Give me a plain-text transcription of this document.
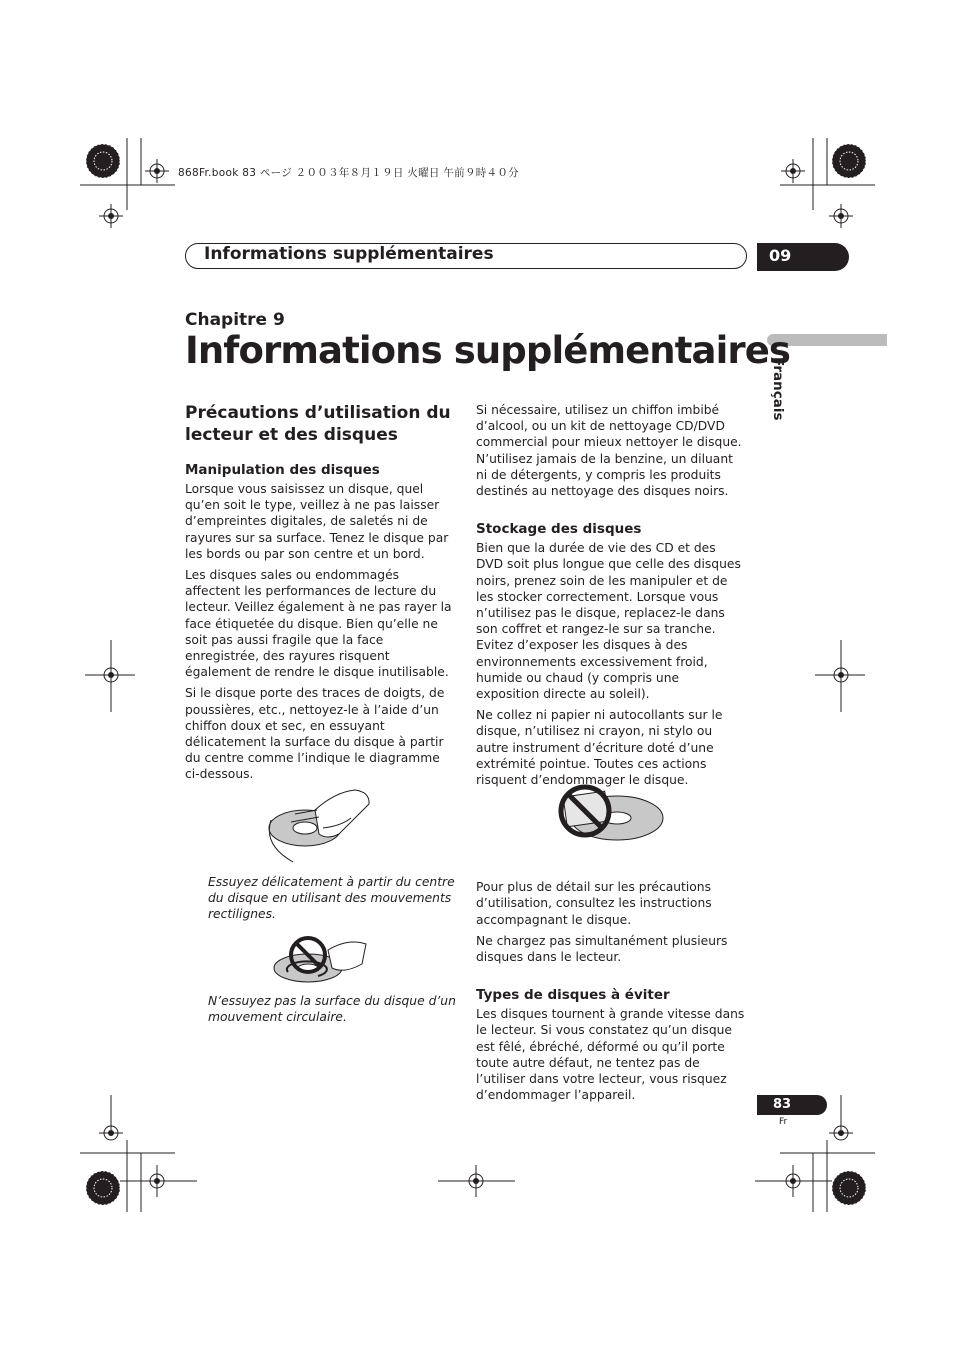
868Fr.book 83 ページ ２００３年８月１９日 火曜日 午前９時４０分
Informations supplémentaires	09
Français
Chapitre 9
Informations supplémentaires
Précautions d’utilisation du lecteur et des disques
Manipulation des disques

Lorsque vous saisissez un disque, quel qu’en soit le type, veillez à ne pas laisser d’empreintes digitales, de saletés ni de rayures sur sa surface. Tenez le disque par les bords ou par son centre et un bord.

Les disques sales ou endommagés affectent les performances de lecture du lecteur. Veillez également à ne pas rayer la face étiquetée du disque. Bien qu’elle ne soit pas aussi fragile que la face enregistrée, des rayures risquent également de rendre le disque inutilisable.

Si le disque porte des traces de doigts, de poussières, etc., nettoyez-le à l’aide d’un chiffon doux et sec, en essuyant délicatement la surface du disque à partir du centre comme l’indique le diagramme ci-dessous.

Essuyez délicatement à partir du centre du disque en utilisant des mouvements rectilignes.
N’essuyez pas la surface du disque d’un mouvement circulaire.

Si nécessaire, utilisez un chiffon imbibé d’alcool, ou un kit de nettoyage CD/DVD commercial pour mieux nettoyer le disque. N’utilisez jamais de la benzine, un diluant ni de détergents, y compris les produits destinés au nettoyage des disques noirs.

Stockage des disques

Bien que la durée de vie des CD et des DVD soit plus longue que celle des disques noirs, prenez soin de les manipuler et de les stocker correctement. Lorsque vous n’utilisez pas le disque, replacez-le dans son coffret et rangez-le sur sa tranche. Evitez d’exposer les disques à des environnements excessivement froid, humide ou chaud (y compris une exposition directe au soleil).

Ne collez ni papier ni autocollants sur le disque, n’utilisez ni crayon, ni stylo ou autre instrument d’écriture doté d’une extrémité pointue. Toutes ces actions risquent d’endommager le disque.

Pour plus de détail sur les précautions d’utilisation, consultez les instructions accompagnant le disque.

Ne chargez pas simultanément plusieurs disques dans le lecteur.

Types de disques à éviter

Les disques tournent à grande vitesse dans le lecteur. Si vous constatez qu’un disque est fêlé, ébréché, déformé ou qu’il porte toute autre défaut, ne tentez pas de l’utiliser dans votre lecteur, vous risquez d’endommager l’appareil.

83
Fr
